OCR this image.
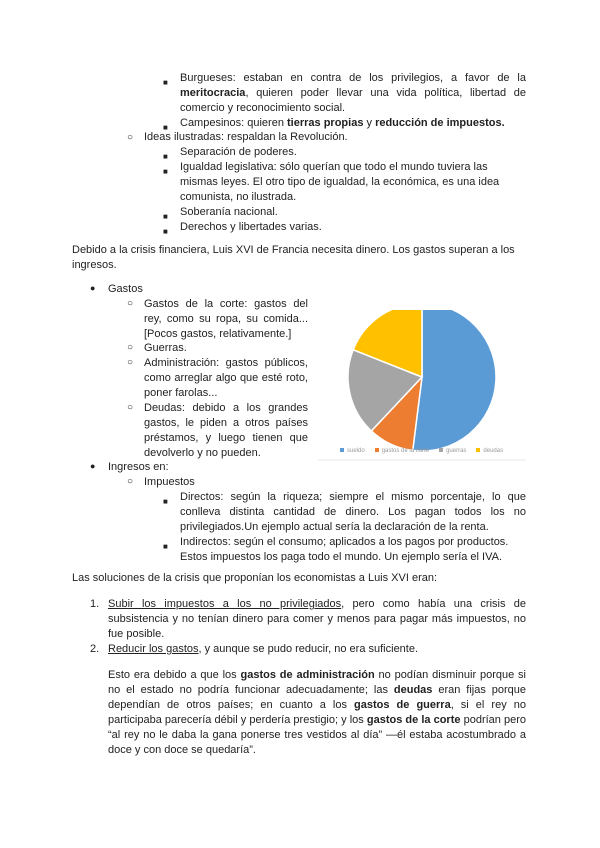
■ Burgueses: estaban en contra de los privilegios, a favor de la meritocracia, quieren poder llevar una vida política, libertad de comercio y reconocimiento social.
■ Campesinos: quieren tierras propias y reducción de impuestos.
○ Ideas ilustradas: respaldan la Revolución.
■ Separación de poderes.
■ Igualdad legislativa: sólo querían que todo el mundo tuviera las mismas leyes. El otro tipo de igualdad, la económica, es una idea comunista, no ilustrada.
■ Soberanía nacional.
■ Derechos y libertades varias.
Debido a la crisis financiera, Luis XVI de Francia necesita dinero. Los gastos superan a los ingresos.
● Gastos
○ Gastos de la corte: gastos del rey, como su ropa, su comida... [Pocos gastos, relativamente.]
○ Guerras.
○ Administración: gastos públicos, como arreglar algo que esté roto, poner farolas...
○ Deudas: debido a los grandes gastos, le piden a otros países préstamos, y luego tienen que devolverlo y no pueden.	sueldo	gastos de la corte	guerras	deudas
● Ingresos en:
○ Impuestos
■ Directos: según la riqueza; siempre el mismo porcentaje, lo que conlleva distinta cantidad de dinero. Los pagan todos los no privilegiados.Un ejemplo actual sería la declaración de la renta.
■ Indirectos: según el consumo; aplicados a los pagos por productos. Estos impuestos los paga todo el mundo. Un ejemplo sería el IVA.
Las soluciones de la crisis que proponían los economistas a Luis XVI eran:
1. Subir los impuestos a los no privilegiados, pero como había una crisis de subsistencia y no tenían dinero para comer y menos para pagar más impuestos, no fue posible.
2. Reducir los gastos, y aunque se pudo reducir, no era suficiente.
Esto era debido a que los gastos de administración no podían disminuir porque si no el estado no podría funcionar adecuadamente; las deudas eran fijas porque dependían de otros países; en cuanto a los gastos de guerra, si el rey no participaba parecería débil y perdería prestigio; y los gastos de la corte podrían pero “al rey no le daba la gana ponerse tres vestidos al día” —él estaba acostumbrado a doce y con doce se quedaría”.
